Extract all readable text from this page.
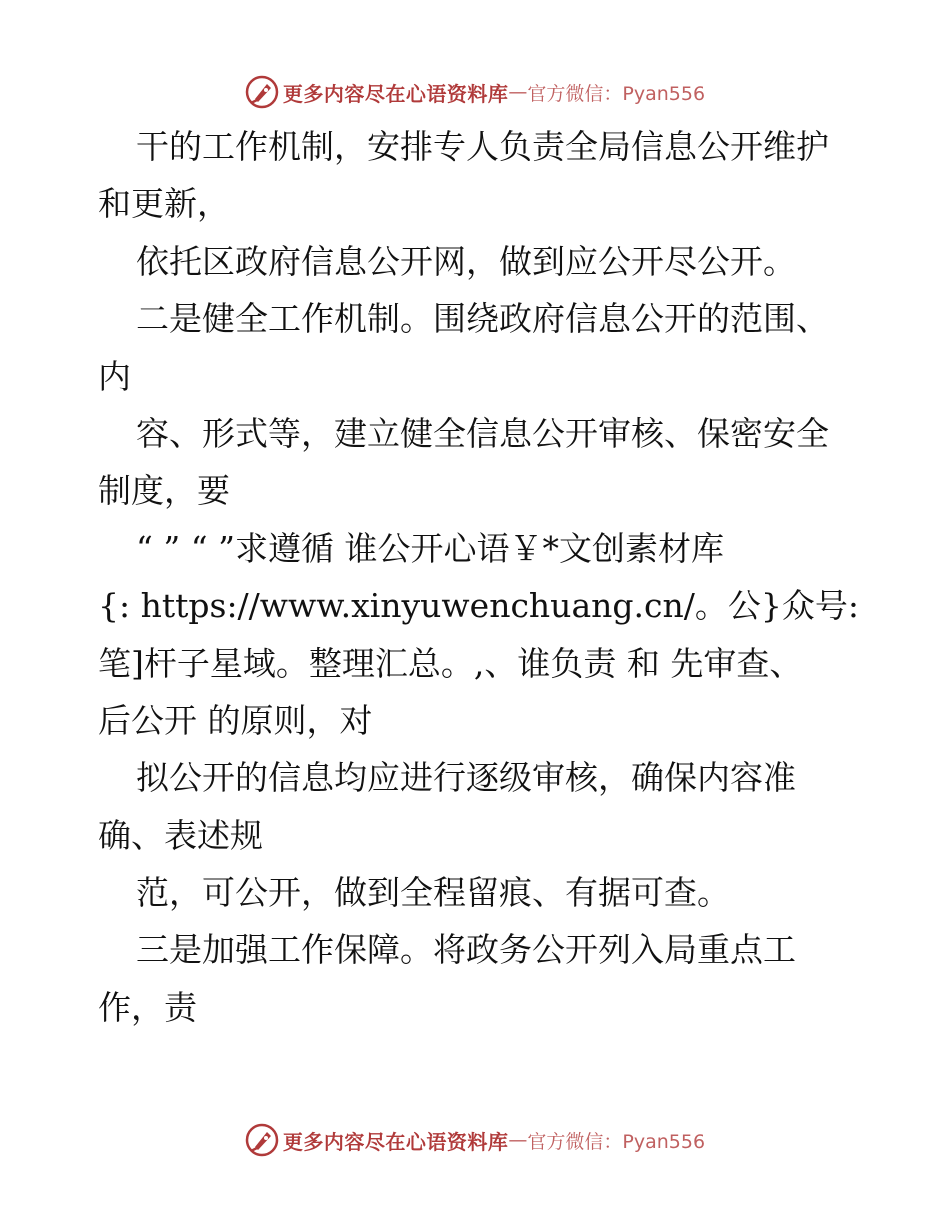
更多内容尽在心语资料库 — 官方微信：Pyan556
干的工作机制，安排专人负责全局信息公开维护
和更新，
依托区政府信息公开网，做到应公开尽公开。
二是健全工作机制。围绕政府信息公开的范围、
内
容、形式等，建立健全信息公开审核、保密安全
制度，要
“ ” “ ”求遵循 谁公开心语￥*文创素材库
{: https://www.xinyuwenchuang.cn/。公}众号:
笔]杆子星域。整理汇总。,、谁负责 和 先审查、
后公开 的原则，对
拟公开的信息均应进行逐级审核，确保内容准
确、表述规
范，可公开，做到全程留痕、有据可查。
三是加强工作保障。将政务公开列入局重点工
作，责
更多内容尽在心语资料库 — 官方微信：Pyan556
